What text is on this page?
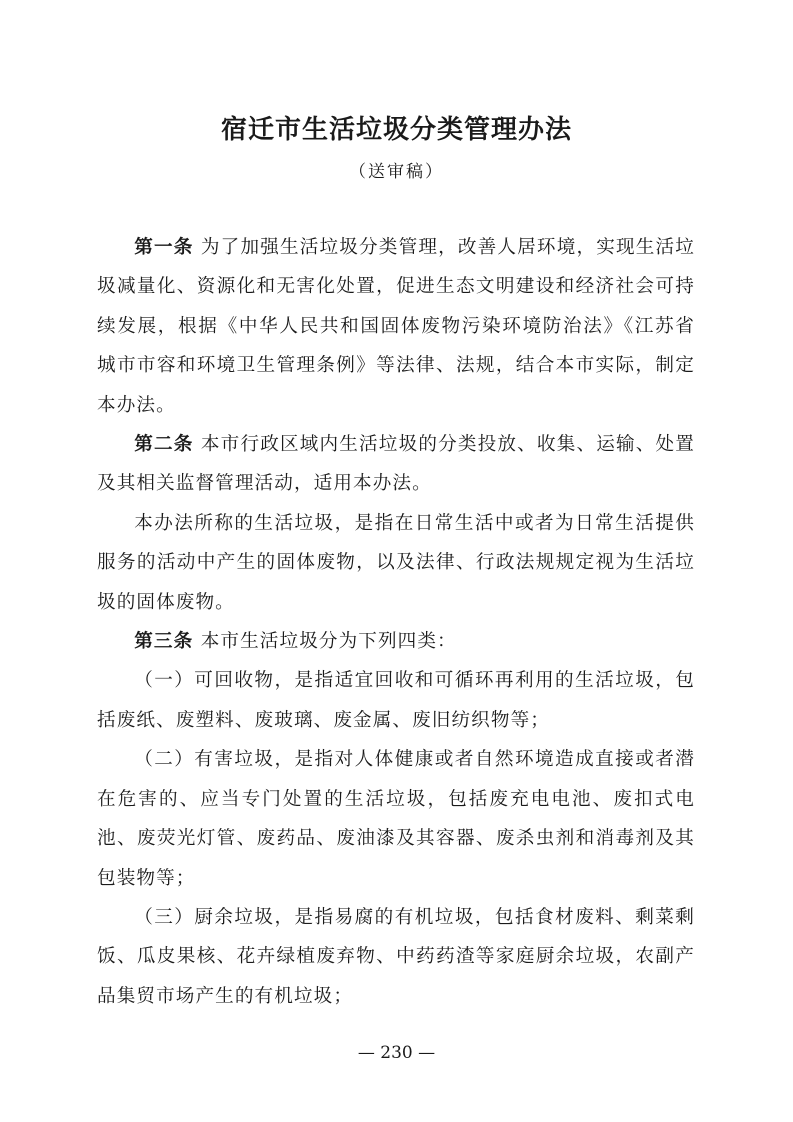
宿迁市生活垃圾分类管理办法
（送审稿）

第一条 为了加强生活垃圾分类管理，改善人居环境，实现生活垃圾减量化、资源化和无害化处置，促进生态文明建设和经济社会可持续发展，根据《中华人民共和国固体废物污染环境防治法》《江苏省城市市容和环境卫生管理条例》等法律、法规，结合本市实际，制定本办法。

第二条 本市行政区域内生活垃圾的分类投放、收集、运输、处置及其相关监督管理活动，适用本办法。

本办法所称的生活垃圾，是指在日常生活中或者为日常生活提供服务的活动中产生的固体废物，以及法律、行政法规规定视为生活垃圾的固体废物。

第三条 本市生活垃圾分为下列四类：

（一）可回收物，是指适宜回收和可循环再利用的生活垃圾，包括废纸、废塑料、废玻璃、废金属、废旧纺织物等；

（二）有害垃圾，是指对人体健康或者自然环境造成直接或者潜在危害的、应当专门处置的生活垃圾，包括废充电电池、废扣式电池、废荧光灯管、废药品、废油漆及其容器、废杀虫剂和消毒剂及其包装物等；

（三）厨余垃圾，是指易腐的有机垃圾，包括食材废料、剩菜剩饭、瓜皮果核、花卉绿植废弃物、中药药渣等家庭厨余垃圾，农副产品集贸市场产生的有机垃圾；

— 230 —
